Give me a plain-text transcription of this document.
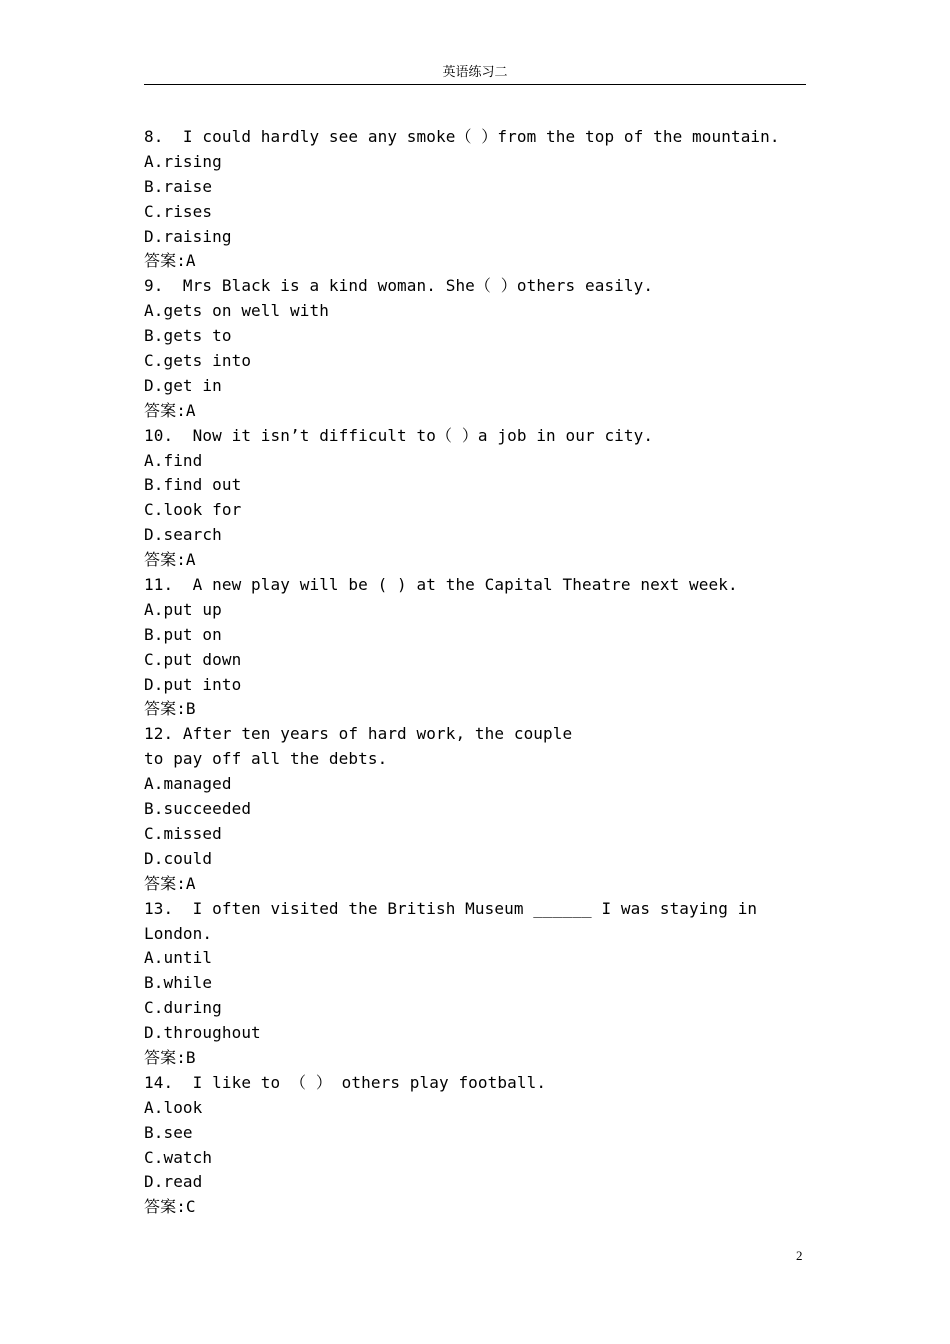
英语练习二
8.  I could hardly see any smoke（ ）from the top of the mountain.
A.rising
B.raise
C.rises
D.raising
答案:A
9.  Mrs Black is a kind woman. She（ ）others easily.
A.gets on well with
B.gets to
C.gets into
D.get in
答案:A
10.  Now it isn’t difficult to（ ）a job in our city.
A.find
B.find out
C.look for
D.search
答案:A
11.  A new play will be ( ) at the Capital Theatre next week.
A.put up
B.put on
C.put down
D.put into
答案:B
12. After ten years of hard work, the couple
to pay off all the debts.
A.managed
B.succeeded
C.missed
D.could
答案:A
13.  I often visited the British Museum ______ I was staying in
London.
A.until
B.while
C.during
D.throughout
答案:B
14.  I like to （ ） others play football.
A.look
B.see
C.watch
D.read
答案:C
2
